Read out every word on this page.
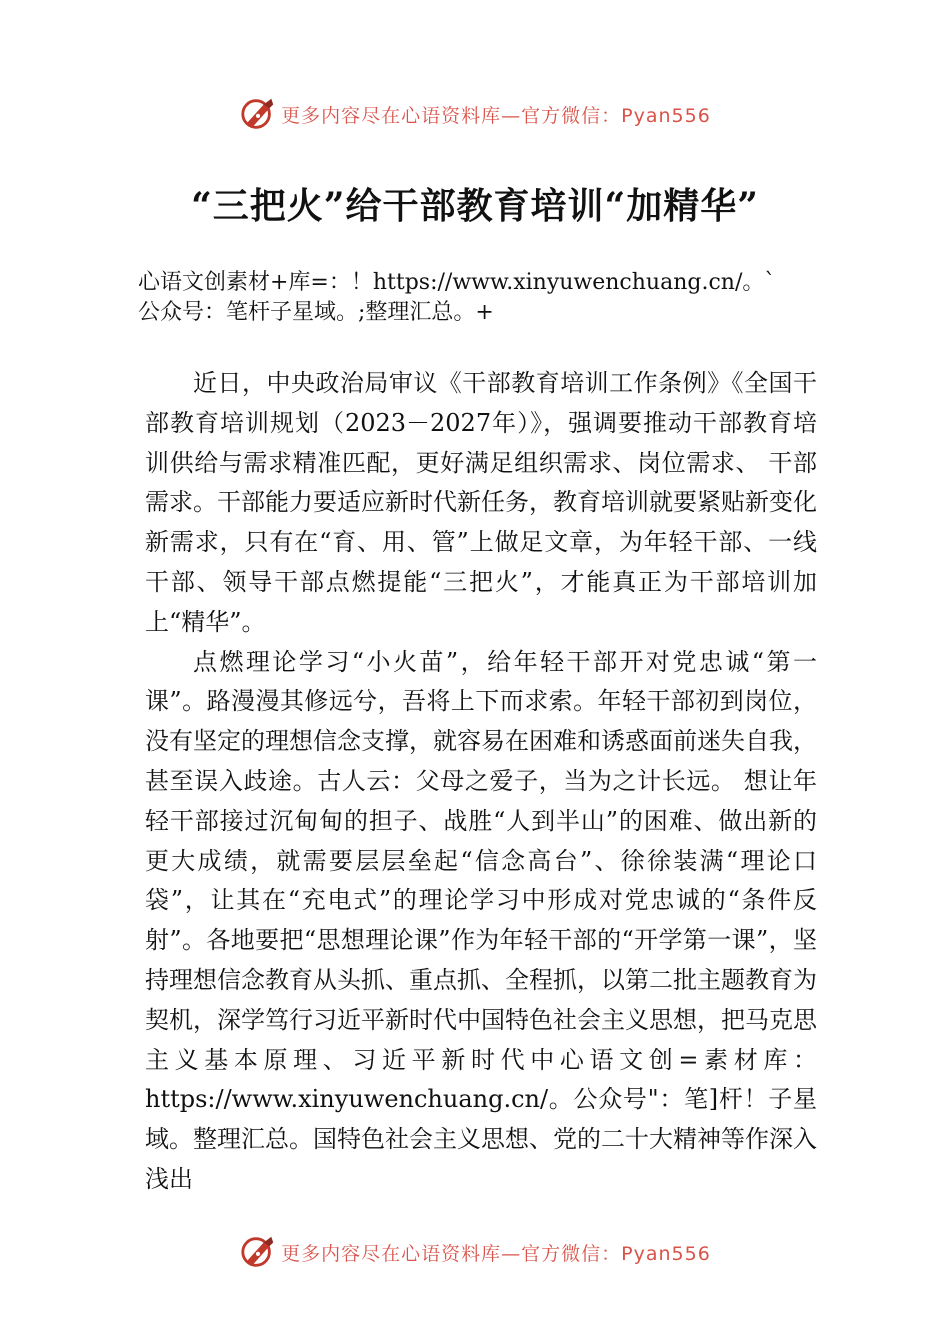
更多内容尽在心语资料库—官方微信：Pyan556
“三把火”给干部教育培训“加精华”
心语文创素材+库=：！https://www.xinyuwenchuang.cn/。`
公众号：笔杆子星域。;整理汇总。+

近日，中央政治局审议《干部教育培训工作条例》《全国干部教育培训规划（2023－2027年）》，强调要推动干部教育培训供给与需求精准匹配，更好满足组织需求、岗位需求、 干部需求。干部能力要适应新时代新任务，教育培训就要紧贴新变化新需求，只有在“育、用、管”上做足文章，为年轻干部、一线干部、领导干部点燃提能“三把火”，才能真正为干部培训加上“精华”。

点燃理论学习“小火苗”，给年轻干部开对党忠诚“第一课”。路漫漫其修远兮，吾将上下而求索。年轻干部初到岗位， 没有坚定的理想信念支撑，就容易在困难和诱惑面前迷失自我，甚至误入歧途。古人云：父母之爱子，当为之计长远。 想让年轻干部接过沉甸甸的担子、战胜“人到半山”的困难、做出新的更大成绩，就需要层层垒起“信念高台”、徐徐装满“理论口袋”，让其在“充电式”的理论学习中形成对党忠诚的“条件反射”。各地要把“思想理论课”作为年轻干部的“开学第一课”，坚持理想信念教育从头抓、重点抓、全程抓，以第二批主题教育为契机，深学笃行习近平新时代中国特色社会主义思想，把马克思主义基本原理、习近平新时代中心语文创=素材库：https://www.xinyuwenchuang.cn/。公众号"：笔]杆！子星域。整理汇总。国特色社会主义思想、党的二十大精神等作深入浅出

更多内容尽在心语资料库—官方微信：Pyan556
